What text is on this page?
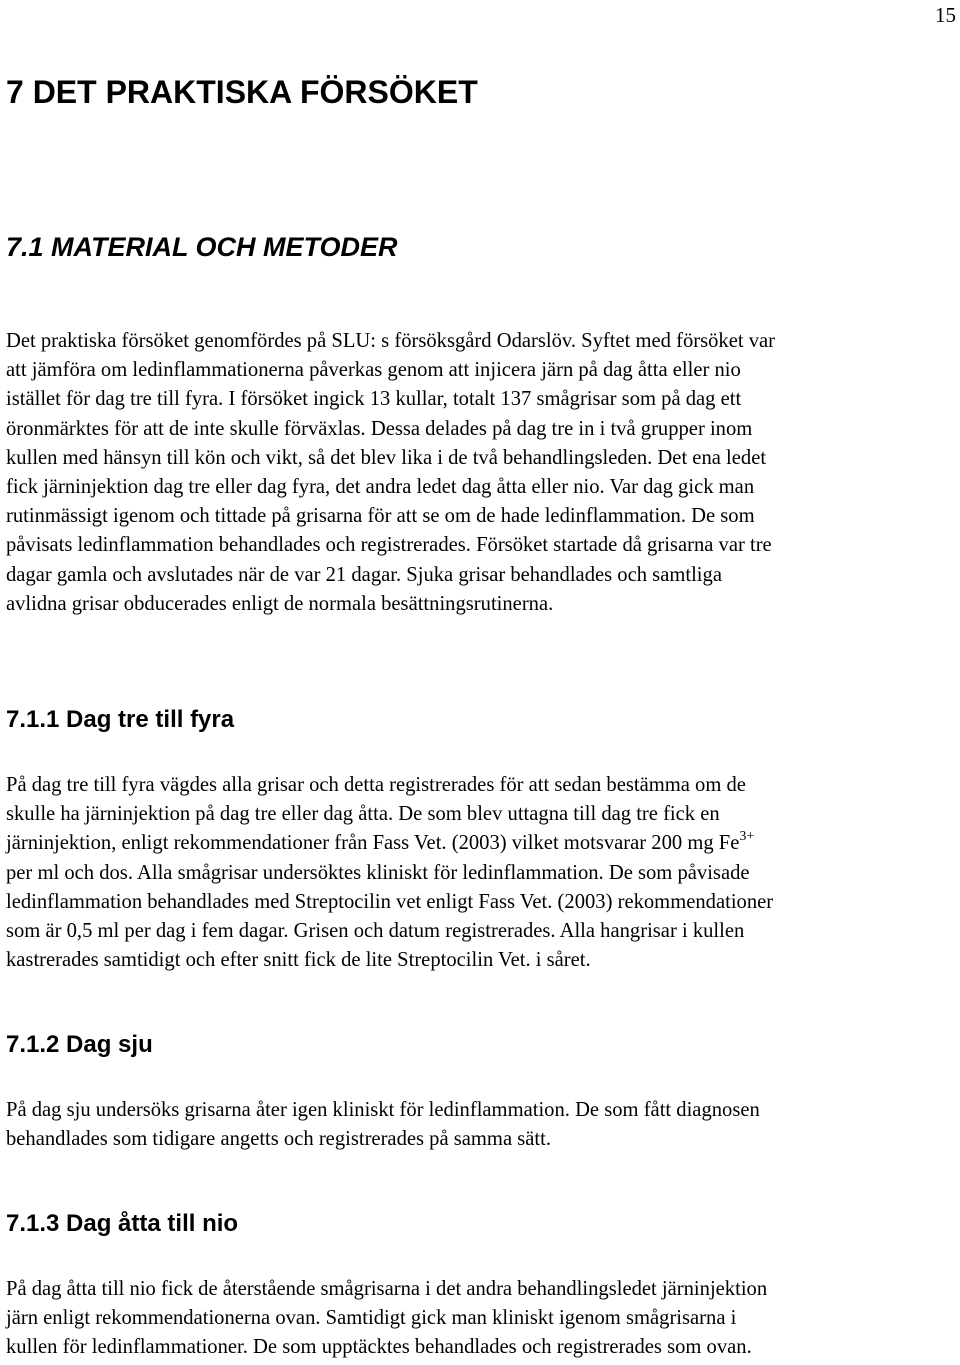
15
7 DET PRAKTISKA FÖRSÖKET
7.1 MATERIAL OCH METODER

Det praktiska försöket genomfördes på SLU: s försöksgård Odarslöv. Syftet med försöket var
att jämföra om ledinflammationerna påverkas genom att injicera järn på dag åtta eller nio
istället för dag tre till fyra. I försöket ingick 13 kullar, totalt 137 smågrisar som på dag ett
öronmärktes för att de inte skulle förväxlas. Dessa delades på dag tre in i två grupper inom
kullen med hänsyn till kön och vikt, så det blev lika i de två behandlingsleden. Det ena ledet
fick järninjektion dag tre eller dag fyra, det andra ledet dag åtta eller nio. Var dag gick man
rutinmässigt igenom och tittade på grisarna för att se om de hade ledinflammation. De som
påvisats ledinflammation behandlades och registrerades. Försöket startade då grisarna var tre
dagar gamla och avslutades när de var 21 dagar. Sjuka grisar behandlades och samtliga
avlidna grisar obducerades enligt de normala besättningsrutinerna.

7.1.1 Dag tre till fyra

På dag tre till fyra vägdes alla grisar och detta registrerades för att sedan bestämma om de
skulle ha järninjektion på dag tre eller dag åtta. De som blev uttagna till dag tre fick en
järninjektion, enligt rekommendationer från Fass Vet. (2003) vilket motsvarar 200 mg $Fe^{3+}$
per ml och dos. Alla smågrisar undersöktes kliniskt för ledinflammation. De som påvisade
ledinflammation behandlades med Streptocilin vet enligt Fass Vet. (2003) rekommendationer
som är 0,5 ml per dag i fem dagar. Grisen och datum registrerades. Alla hangrisar i kullen
kastrerades samtidigt och efter snitt fick de lite Streptocilin Vet. i såret.

7.1.2 Dag sju

På dag sju undersöks grisarna åter igen kliniskt för ledinflammation. De som fått diagnosen
behandlades som tidigare angetts och registrerades på samma sätt.

7.1.3 Dag åtta till nio

På dag åtta till nio fick de återstående smågrisarna i det andra behandlingsledet järninjektion
järn enligt rekommendationerna ovan. Samtidigt gick man kliniskt igenom smågrisarna i
kullen för ledinflammationer. De som upptäcktes behandlades och registrerades som ovan.
